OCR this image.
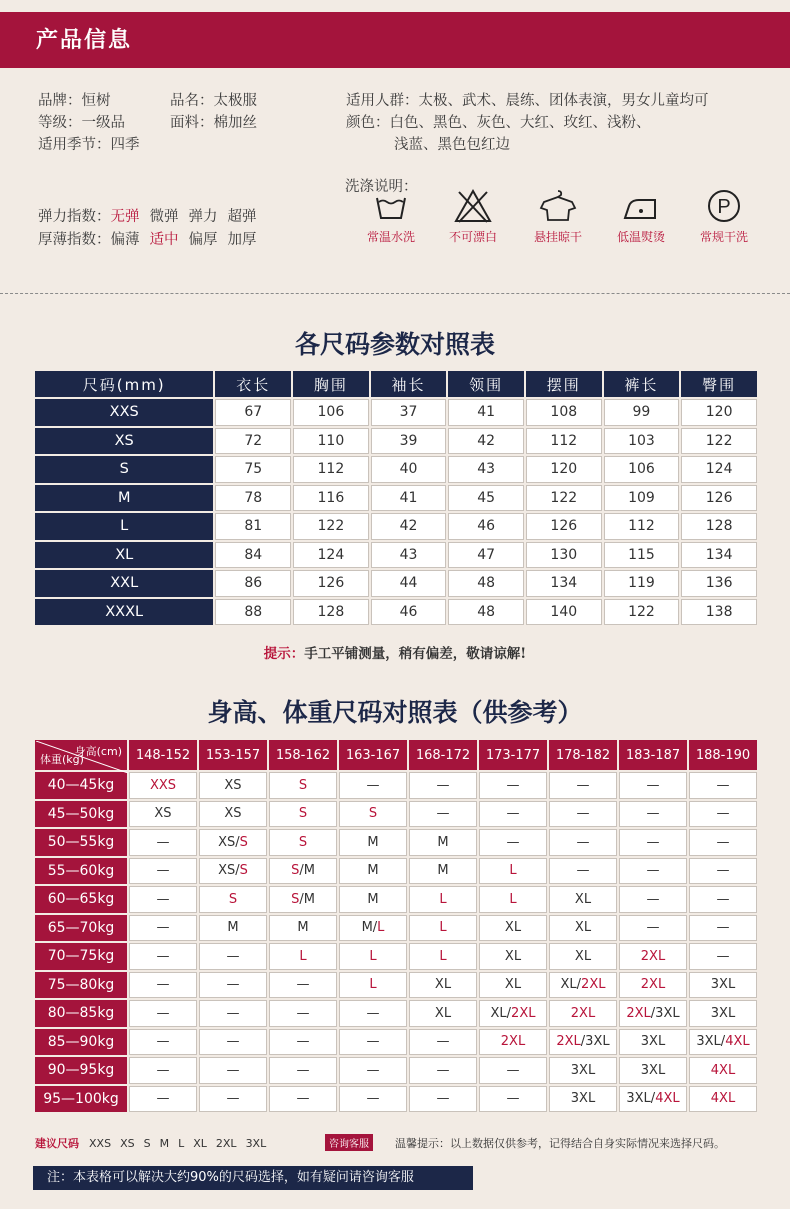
产品信息
品牌：恒树	品名：太极服	适用人群：太极、武术、晨练、团体表演，男女儿童均可
等级：一级品	面料：棉加丝	颜色：白色、黑色、灰色、大红、玫红、浅粉、
适用季节：四季	浅蓝、黑色包红边
弹力指数：无弹 微弹 弹力 超弹
厚薄指数：偏薄 适中 偏厚 加厚
洗涤说明：
常温水洗	不可漂白	悬挂晾干	低温熨烫
P
常规干洗
各尺码参数对照表
尺码(mm)	衣长	胸围	袖长	领围	摆围	裤长	臀围
XXS	67	106	37	41	108	99	120
XS	72	110	39	42	112	103	122
S	75	112	40	43	120	106	124
M	78	116	41	45	122	109	126
L	81	122	42	46	126	112	128
XL	84	124	43	47	130	115	134
XXL	86	126	44	48	134	119	136
XXXL	88	128	46	48	140	122	138
提示：手工平铺测量，稍有偏差，敬请谅解!
身高、体重尺码对照表（供参考）
身高(cm)
体重(kg)	148-152	153-157	158-162	163-167	168-172	173-177	178-182	183-187	188-190
40—45kg	XXS	XS	S	—	—	—	—	—	—
45—50kg	XS	XS	S	S	—	—	—	—	—
50—55kg	—	XS/S	S	M	M	—	—	—	—
55—60kg	—	XS/S	S/M	M	M	L	—	—	—
60—65kg	—	S	S/M	M	L	L	XL	—	—
65—70kg	—	M	M	M/L	L	XL	XL	—	—
70—75kg	—	—	L	L	L	XL	XL	2XL	—
75—80kg	—	—	—	L	XL	XL	XL/2XL	2XL	3XL
80—85kg	—	—	—	—	XL	XL/2XL	2XL	2XL/3XL	3XL
85—90kg	—	—	—	—	—	2XL	2XL/3XL	3XL	3XL/4XL
90—95kg	—	—	—	—	—	—	3XL	3XL	4XL
95—100kg	—	—	—	—	—	—	3XL	3XL/4XL	4XL
建议尺码 XXS XS S M L XL 2XL 3XL	咨询客服	温馨提示：以上数据仅供参考，记得结合自身实际情况来选择尺码。
注：本表格可以解决大约90%的尺码选择，如有疑问请咨询客服
